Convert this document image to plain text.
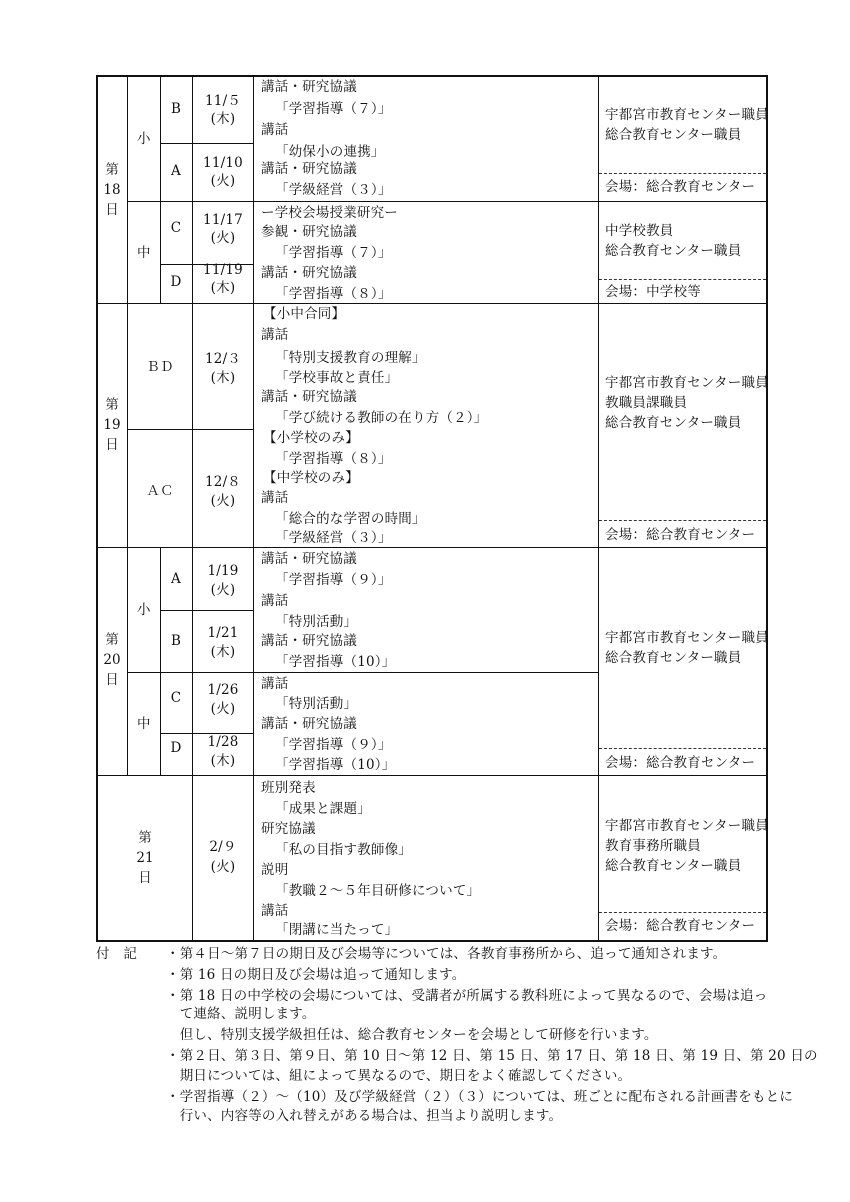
第
18
日
小
中
B
A
C
D
11/５
(木)
11/10
(火)
11/17
(火)
11/19
(木)
講話・研究協議
「学習指導（７）」
講話
「幼保小の連携」
講話・研究協議
「学級経営（３）」
ー学校会場授業研究ー
参観・研究協議
「学習指導（７）」
講話・研究協議
「学習指導（８）」
宇都宮市教育センター職員
総合教育センター職員
会場：総合教育センター
中学校教員
総合教育センター職員
会場：中学校等
第
19
日
ＢＤ
ＡＣ
12/３
(木)
12/８
(火)
【小中合同】
講話
「特別支援教育の理解」
「学校事故と責任」
講話・研究協議
「学び続ける教師の在り方（２）」
【小学校のみ】
「学習指導（８）」
【中学校のみ】
講話
「総合的な学習の時間」
「学級経営（３）」
宇都宮市教育センター職員
教職員課職員
総合教育センター職員
会場：総合教育センター
第
20
日
小
中
A
B
C
D
1/19
(火)
1/21
(木)
1/26
(火)
1/28
(木)
講話・研究協議
「学習指導（９）」
講話
「特別活動」
講話・研究協議
「学習指導（10）」
講話
「特別活動」
講話・研究協議
「学習指導（９）」
「学習指導（10）」
宇都宮市教育センター職員
総合教育センター職員
会場：総合教育センター
第
21
日
2/９
(火)
班別発表
「成果と課題」
研究協議
「私の目指す教師像」
説明
「教職２～５年目研修について」
講話
「閉講に当たって」
宇都宮市教育センター職員
教育事務所職員
総合教育センター職員
会場：総合教育センター
付　記 ・第４日～第７日の期日及び会場等については、各教育事務所から、追って通知されます。
・第 16 日の期日及び会場は追って通知します。
・第 18 日の中学校の会場については、受講者が所属する教科班によって異なるので、会場は追っ
　て連絡、説明します。
　但し、特別支援学級担任は、総合教育センターを会場として研修を行います。
・第２日、第３日、第９日、第 10 日～第 12 日、第 15 日、第 17 日、第 18 日、第 19 日、第 20 日の
　期日については、組によって異なるので、期日をよく確認してください。
・学習指導（２）～（10）及び学級経営（２）（３）については、班ごとに配布される計画書をもとに
　行い、内容等の入れ替えがある場合は、担当より説明します。
